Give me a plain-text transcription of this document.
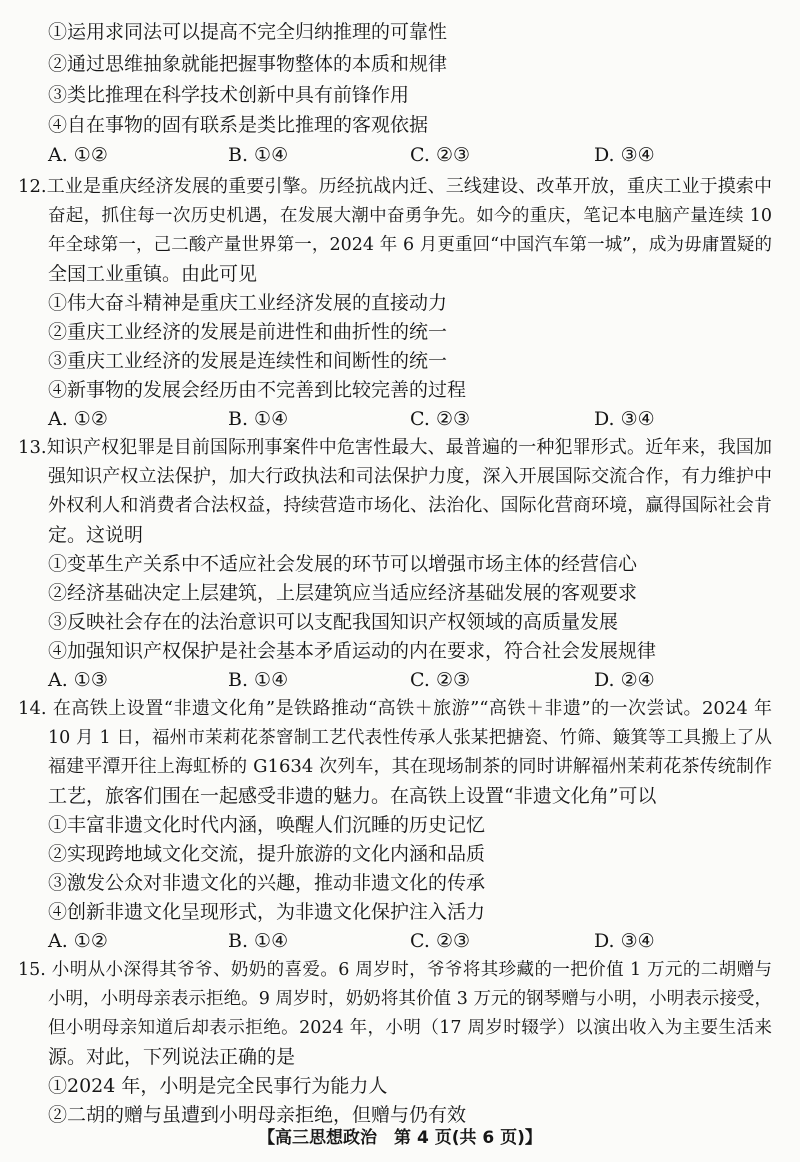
①运用求同法可以提高不完全归纳推理的可靠性
②通过思维抽象就能把握事物整体的本质和规律
③类比推理在科学技术创新中具有前锋作用
④自在事物的固有联系是类比推理的客观依据
A. ①②	B. ①④	C. ②③	D. ③④
12.工业是重庆经济发展的重要引擎。历经抗战内迁、三线建设、改革开放，重庆工业于摸索中
奋起，抓住每一次历史机遇，在发展大潮中奋勇争先。如今的重庆，笔记本电脑产量连续 10
年全球第一，己二酸产量世界第一，2024 年 6 月更重回“中国汽车第一城”，成为毋庸置疑的
全国工业重镇。由此可见
①伟大奋斗精神是重庆工业经济发展的直接动力
②重庆工业经济的发展是前进性和曲折性的统一
③重庆工业经济的发展是连续性和间断性的统一
④新事物的发展会经历由不完善到比较完善的过程
A. ①②	B. ①④	C. ②③	D. ③④
13.知识产权犯罪是目前国际刑事案件中危害性最大、最普遍的一种犯罪形式。近年来，我国加
强知识产权立法保护，加大行政执法和司法保护力度，深入开展国际交流合作，有力维护中
外权利人和消费者合法权益，持续营造市场化、法治化、国际化营商环境，赢得国际社会肯
定。这说明
①变革生产关系中不适应社会发展的环节可以增强市场主体的经营信心
②经济基础决定上层建筑，上层建筑应当适应经济基础发展的客观要求
③反映社会存在的法治意识可以支配我国知识产权领域的高质量发展
④加强知识产权保护是社会基本矛盾运动的内在要求，符合社会发展规律
A. ①③	B. ①④	C. ②③	D. ②④
14. 在高铁上设置“非遗文化角”是铁路推动“高铁＋旅游”“高铁＋非遗”的一次尝试。2024 年
10 月 1 日，福州市茉莉花茶窨制工艺代表性传承人张某把搪瓷、竹筛、簸箕等工具搬上了从
福建平潭开往上海虹桥的 G1634 次列车，其在现场制茶的同时讲解福州茉莉花茶传统制作
工艺，旅客们围在一起感受非遗的魅力。在高铁上设置“非遗文化角”可以
①丰富非遗文化时代内涵，唤醒人们沉睡的历史记忆
②实现跨地域文化交流，提升旅游的文化内涵和品质
③激发公众对非遗文化的兴趣，推动非遗文化的传承
④创新非遗文化呈现形式，为非遗文化保护注入活力
A. ①②	B. ①④	C. ②③	D. ③④
15. 小明从小深得其爷爷、奶奶的喜爱。6 周岁时，爷爷将其珍藏的一把价值 1 万元的二胡赠与
小明，小明母亲表示拒绝。9 周岁时，奶奶将其价值 3 万元的钢琴赠与小明，小明表示接受，
但小明母亲知道后却表示拒绝。2024 年，小明（17 周岁时辍学）以演出收入为主要生活来
源。对此，下列说法正确的是
①2024 年，小明是完全民事行为能力人
②二胡的赠与虽遭到小明母亲拒绝，但赠与仍有效
【高三思想政治　第 4 页(共 6 页)】
